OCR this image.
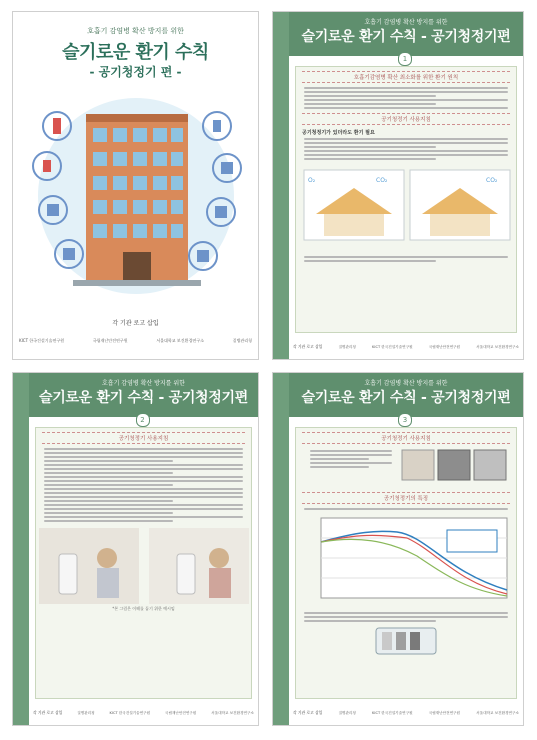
호흡기 감염병 확산 방지를 위한
슬기로운 환기 수칙
- 공기청정기 편 -
각 기관 로고 삽입
KICT 한국건설기술연구원	국립재난안전연구원	서울대학교 보건환경연구소	질병관리청
호흡기 감염병 확산 방지를 위한
슬기로운 환기 수칙 - 공기청정기편
1
호흡기감염병 확산 최소화를 위한 환기 원칙
공기청정기 사용지침
공기청정기가 있더라도 환기 필요
O₂	CO₂	CO₂
각 기관 로고 삽입	질병관리청	KICT 한국건설기술연구원	국립재난안전연구원	서울대학교 보건환경연구소
호흡기 감염병 확산 방지를 위한
슬기로운 환기 수칙 - 공기청정기편
2
공기청정기 사용지침
*본 그림은 이해를 돕기 위한 예시임
각 기관 로고 삽입	질병관리청	KICT 한국건설기술연구원	국립재난안전연구원	서울대학교 보건환경연구소
호흡기 감염병 확산 방지를 위한
슬기로운 환기 수칙 - 공기청정기편
3
공기청정기 사용지침
공기청정기의 특징
각 기관 로고 삽입	질병관리청	KICT 한국건설기술연구원	국립재난안전연구원	서울대학교 보건환경연구소
